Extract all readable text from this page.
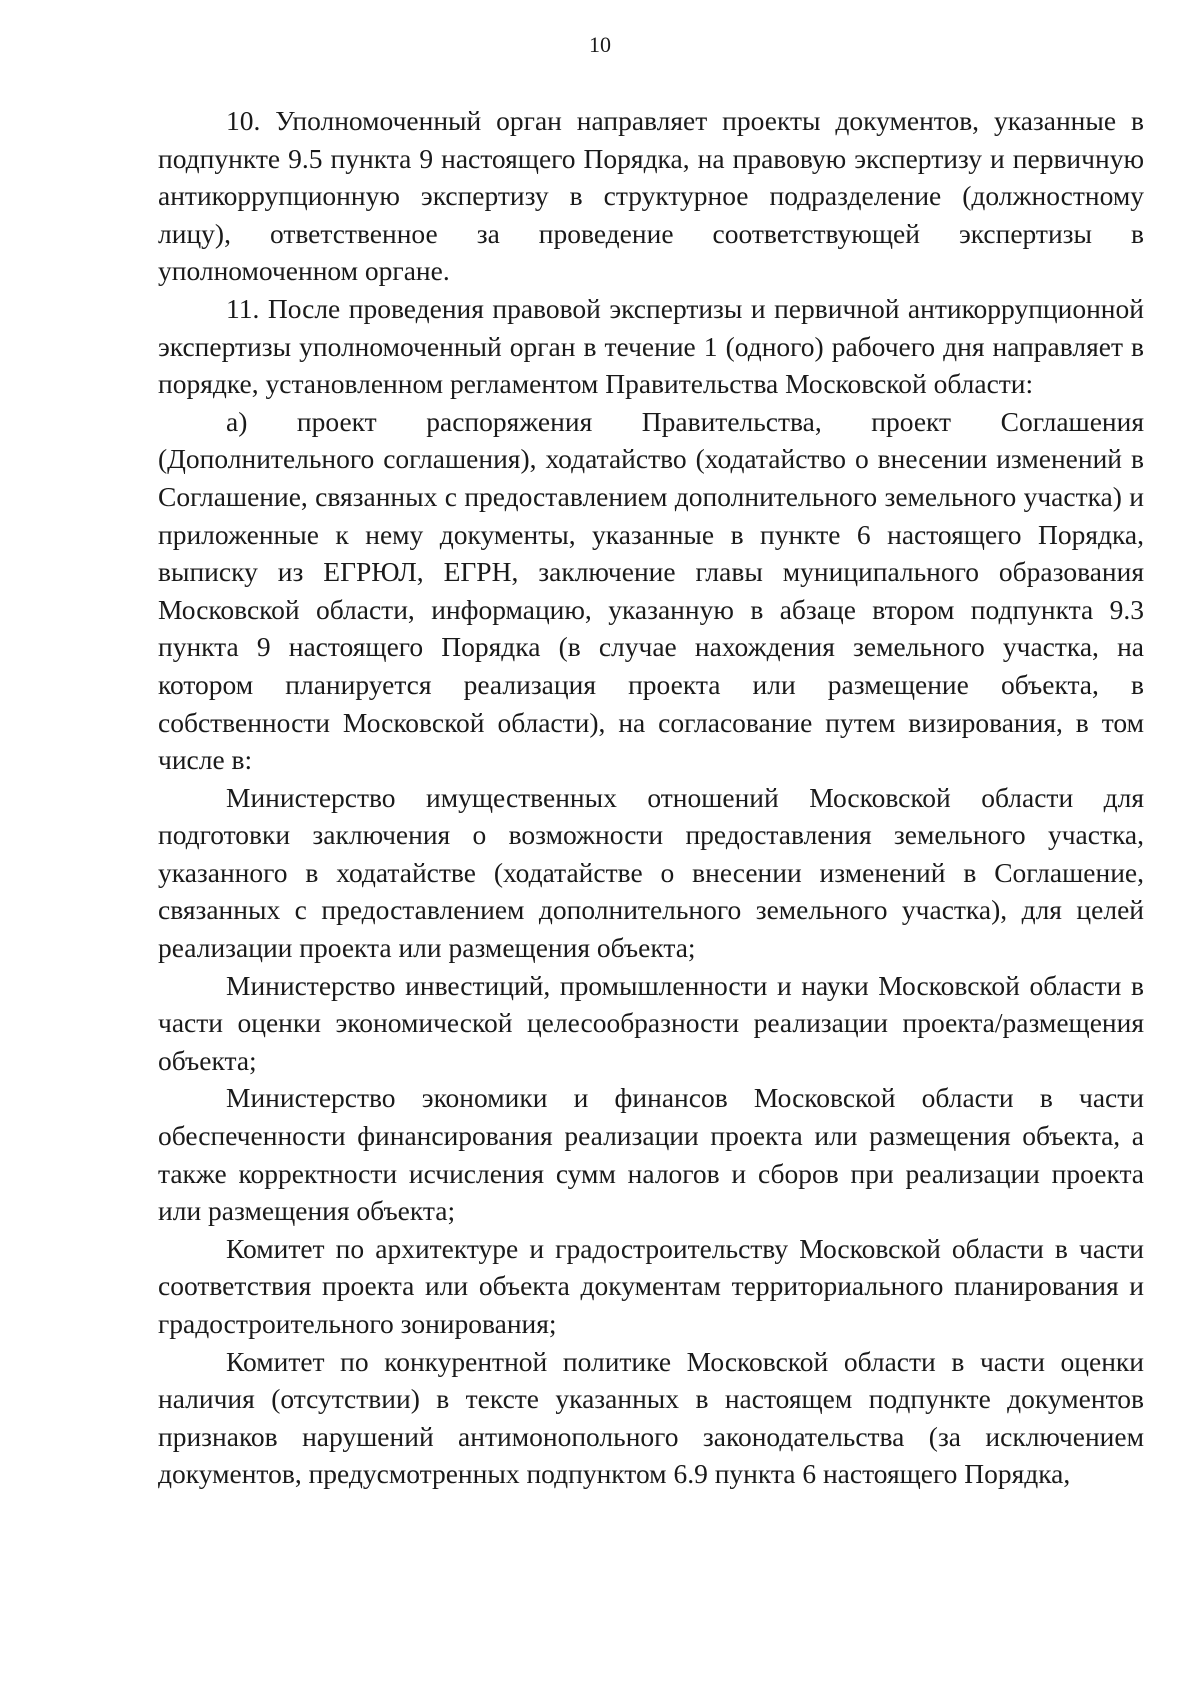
10

10. Уполномоченный орган направляет проекты документов, указанные в подпункте 9.5 пункта 9 настоящего Порядка, на правовую экспертизу и первичную антикоррупционную экспертизу в структурное подразделение (должностному лицу), ответственное за проведение соответствующей экспертизы в уполномоченном органе.

11. После проведения правовой экспертизы и первичной антикоррупционной экспертизы уполномоченный орган в течение 1 (одного) рабочего дня направляет в порядке, установленном регламентом Правительства Московской области:

а) проект распоряжения Правительства, проект Соглашения (Дополнительного соглашения), ходатайство (ходатайство о внесении изменений в Соглашение, связанных с предоставлением дополнительного земельного участка) и приложенные к нему документы, указанные в пункте 6 настоящего Порядка, выписку из ЕГРЮЛ, ЕГРН, заключение главы муниципального образования Московской области, информацию, указанную в абзаце втором подпункта 9.3 пункта 9 настоящего Порядка (в случае нахождения земельного участка, на котором планируется реализация проекта или размещение объекта, в собственности Московской области), на согласование путем визирования, в том числе в:

Министерство имущественных отношений Московской области для подготовки заключения о возможности предоставления земельного участка, указанного в ходатайстве (ходатайстве о внесении изменений в Соглашение, связанных с предоставлением дополнительного земельного участка), для целей реализации проекта или размещения объекта;

Министерство инвестиций, промышленности и науки Московской области в части оценки экономической целесообразности реализации проекта/размещения объекта;

Министерство экономики и финансов Московской области в части обеспеченности финансирования реализации проекта или размещения объекта, а также корректности исчисления сумм налогов и сборов при реализации проекта или размещения объекта;

Комитет по архитектуре и градостроительству Московской области в части соответствия проекта или объекта документам территориального планирования и градостроительного зонирования;

Комитет по конкурентной политике Московской области в части оценки наличия (отсутствии) в тексте указанных в настоящем подпункте документов признаков нарушений антимонопольного законодательства (за исключением документов, предусмотренных подпунктом 6.9 пункта 6 настоящего Порядка,
